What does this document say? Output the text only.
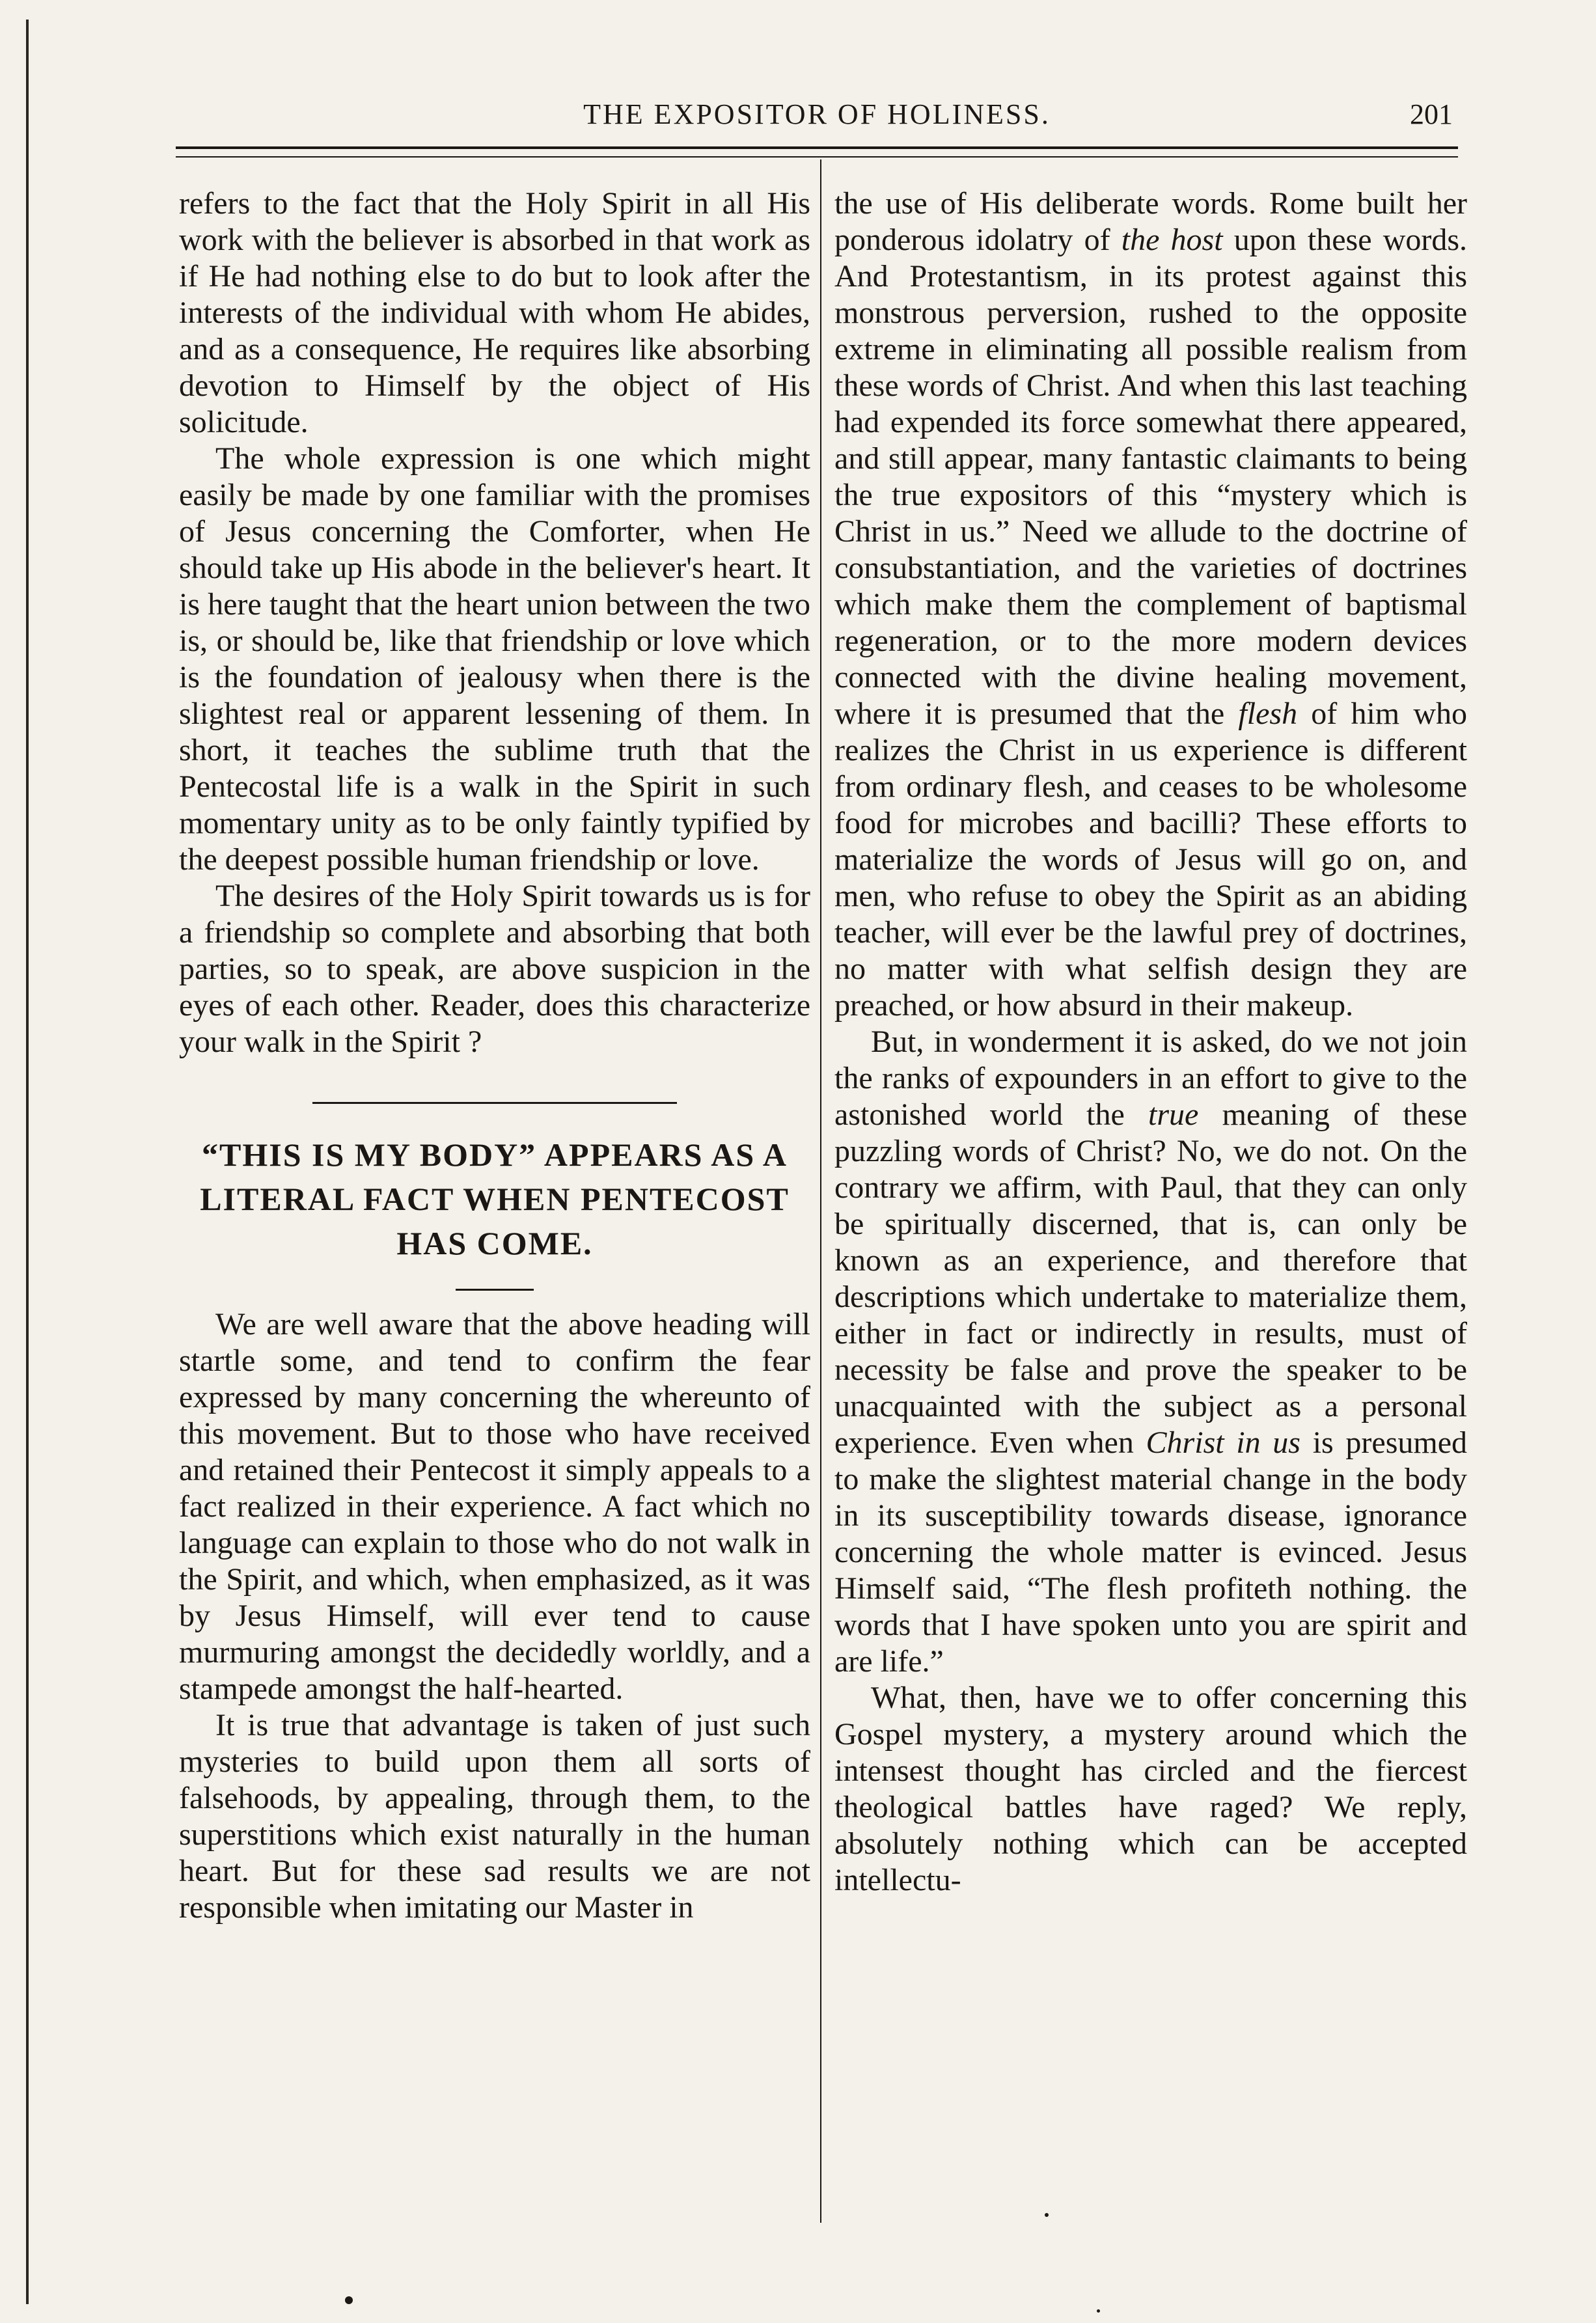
THE EXPOSITOR OF HOLINESS.	201

refers to the fact that the Holy Spirit in all His work with the believer is absorbed in that work as if He had nothing else to do but to look after the interests of the individual with whom He abides, and as a consequence, He requires like absorbing devotion to Himself by the object of His solicitude.

The whole expression is one which might easily be made by one familiar with the promises of Jesus concerning the Comforter, when He should take up His abode in the believer's heart. It is here taught that the heart union between the two is, or should be, like that friendship or love which is the foundation of jealousy when there is the slightest real or apparent lessening of them. In short, it teaches the sublime truth that the Pentecostal life is a walk in the Spirit in such momentary unity as to be only faintly typified by the deepest possible human friendship or love.

The desires of the Holy Spirit towards us is for a friendship so complete and absorbing that both parties, so to speak, are above suspicion in the eyes of each other. Reader, does this characterize your walk in the Spirit ?

“THIS IS MY BODY” APPEARS AS A LITERAL FACT WHEN PENTECOST HAS COME.

We are well aware that the above heading will startle some, and tend to confirm the fear expressed by many concerning the whereunto of this movement. But to those who have received and retained their Pentecost it simply appeals to a fact realized in their experience. A fact which no language can explain to those who do not walk in the Spirit, and which, when emphasized, as it was by Jesus Himself, will ever tend to cause murmuring amongst the decidedly worldly, and a stampede amongst the half-hearted.

It is true that advantage is taken of just such mysteries to build upon them all sorts of falsehoods, by appealing, through them, to the superstitions which exist naturally in the human heart. But for these sad results we are not responsible when imitating our Master in

the use of His deliberate words. Rome built her ponderous idolatry of the host upon these words. And Protestantism, in its protest against this monstrous perversion, rushed to the opposite extreme in eliminating all possible realism from these words of Christ. And when this last teaching had expended its force somewhat there appeared, and still appear, many fantastic claimants to being the true expositors of this “mystery which is Christ in us.” Need we allude to the doctrine of consubstantiation, and the varieties of doctrines which make them the complement of baptismal regeneration, or to the more modern devices connected with the divine healing movement, where it is presumed that the flesh of him who realizes the Christ in us experience is different from ordinary flesh, and ceases to be wholesome food for microbes and bacilli? These efforts to materialize the words of Jesus will go on, and men, who refuse to obey the Spirit as an abiding teacher, will ever be the lawful prey of doctrines, no matter with what selfish design they are preached, or how absurd in their makeup.

But, in wonderment it is asked, do we not join the ranks of expounders in an effort to give to the astonished world the true meaning of these puzzling words of Christ? No, we do not. On the contrary we affirm, with Paul, that they can only be spiritually discerned, that is, can only be known as an experience, and therefore that descriptions which undertake to materialize them, either in fact or indirectly in results, must of necessity be false and prove the speaker to be unacquainted with the subject as a personal experience. Even when Christ in us is presumed to make the slightest material change in the body in its susceptibility towards disease, ignorance concerning the whole matter is evinced. Jesus Himself said, “The flesh profiteth nothing. the words that I have spoken unto you are spirit and are life.”

What, then, have we to offer concerning this Gospel mystery, a mystery around which the intensest thought has circled and the fiercest theological battles have raged? We reply, absolutely nothing which can be accepted intellectu-
